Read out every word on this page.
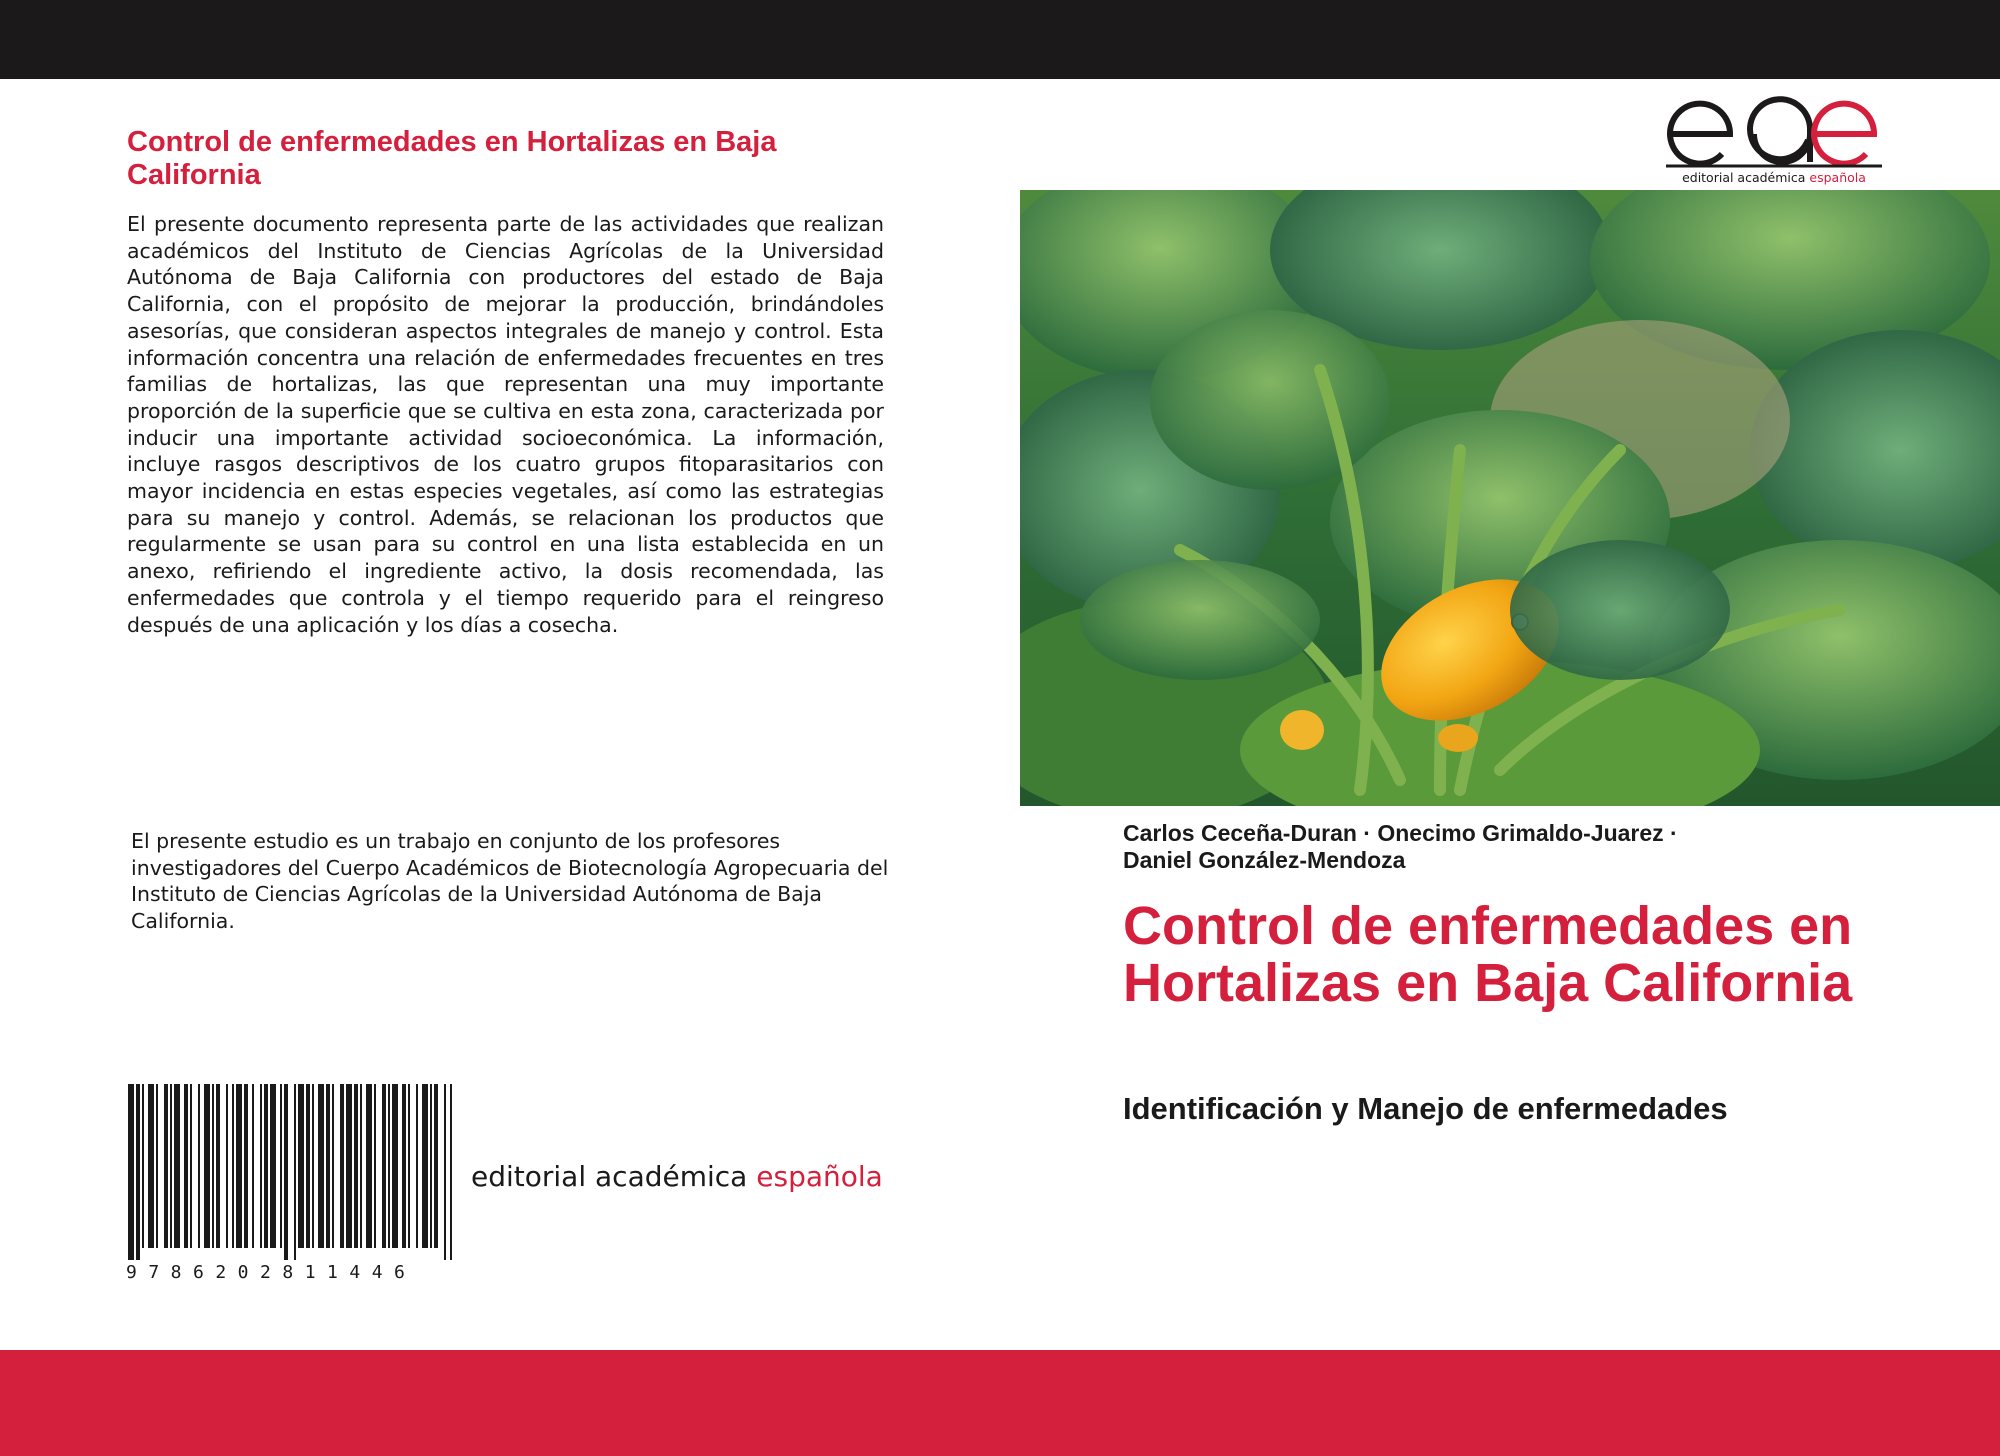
Control de enfermedades en Hortalizas en Baja California

El presente documento representa parte de las actividades que realizan académicos del Instituto de Ciencias Agrícolas de la Universidad Autónoma de Baja California con productores del estado de Baja California, con el propósito de mejorar la producción, brindándoles asesorías, que consideran aspectos integrales de manejo y control. Esta información concentra una relación de enfermedades frecuentes en tres familias de hortalizas, las que representan una muy importante proporción de la superficie que se cultiva en esta zona, caracterizada por inducir una importante actividad socioeconómica. La información, incluye rasgos descriptivos de los cuatro grupos fitoparasitarios con mayor incidencia en estas especies vegetales, así como las estrategias para su manejo y control. Además, se relacionan los productos que regularmente se usan para su control en una lista establecida en un anexo, refiriendo el ingrediente activo, la dosis recomendada, las enfermedades que controla y el tiempo requerido para el reingreso después de una aplicación y los días a cosecha.

El presente estudio es un trabajo en conjunto de los profesores investigadores del Cuerpo Académicos de Biotecnología Agropecuaria del Instituto de Ciencias Agrícolas de la Universidad Autónoma de Baja California.

9786202811446
editorial académica española
editorial académica española
Carlos Ceceña-Duran · Onecimo Grimaldo-Juarez ·
Daniel González-Mendoza
Control de enfermedades en Hortalizas en Baja California
Identificación y Manejo de enfermedades
